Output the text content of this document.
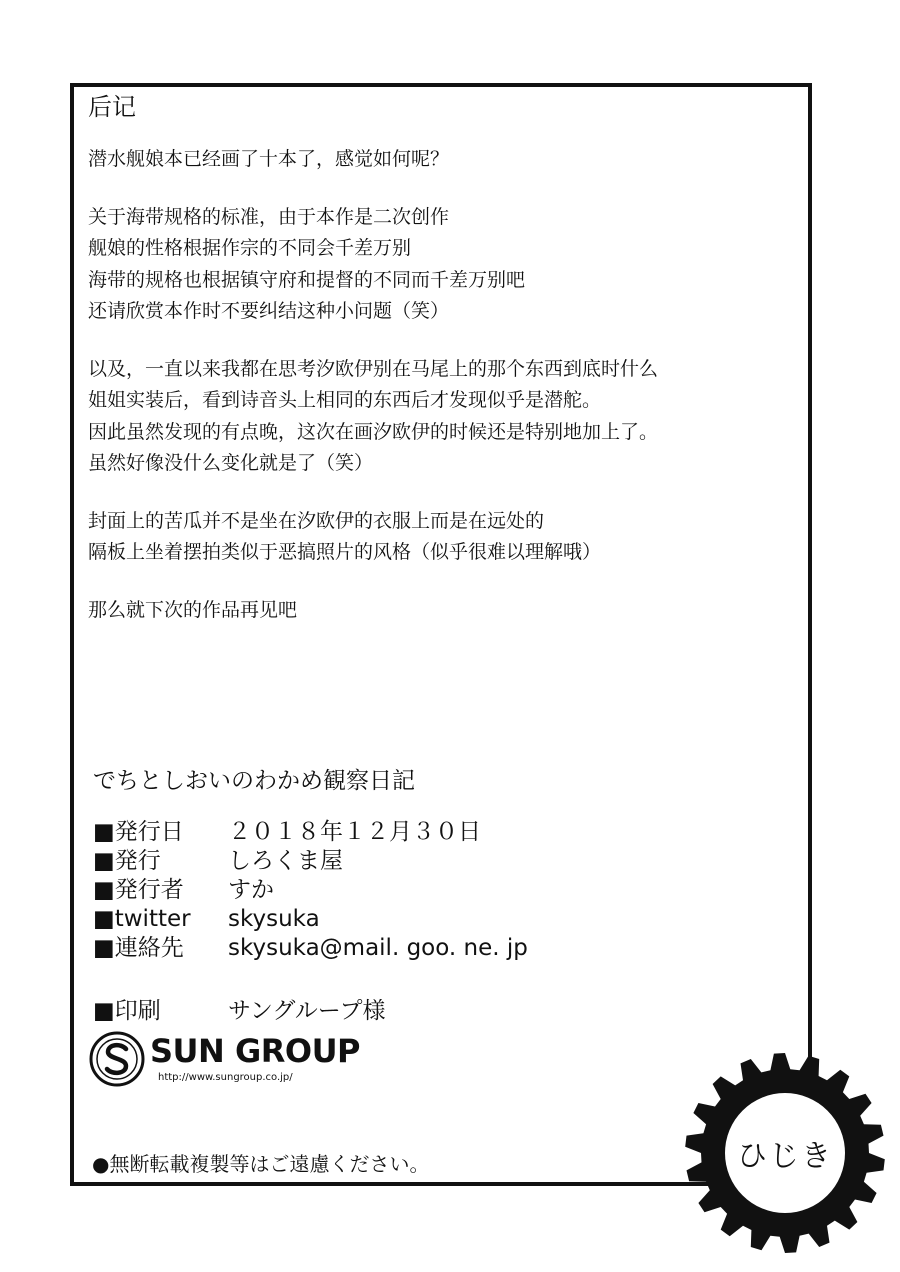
后记
潜水舰娘本已经画了十本了，感觉如何呢？
关于海带规格的标准，由于本作是二次创作
舰娘的性格根据作宗的不同会千差万别
海带的规格也根据镇守府和提督的不同而千差万别吧
还请欣赏本作时不要纠结这种小问题（笑）
以及，一直以来我都在思考汐欧伊别在马尾上的那个东西到底时什么
姐姐实装后，看到诗音头上相同的东西后才发现似乎是潜舵。
因此虽然发现的有点晚，这次在画汐欧伊的时候还是特别地加上了。
虽然好像没什么变化就是了（笑）
封面上的苦瓜并不是坐在汐欧伊的衣服上而是在远处的
隔板上坐着摆拍类似于恶搞照片的风格（似乎很难以理解哦）
那么就下次的作品再见吧
でちとしおいのわかめ観察日記
■発行日	２０１８年１２月３０日
■発行	しろくま屋
■発行者	すか
■twitter	skysuka
■連絡先	skysuka@mail. goo. ne. jp
■印刷	サングループ様
SUN GROUP
http://www.sungroup.co.jp/
●無断転載複製等はご遠慮ください。	ひじき
